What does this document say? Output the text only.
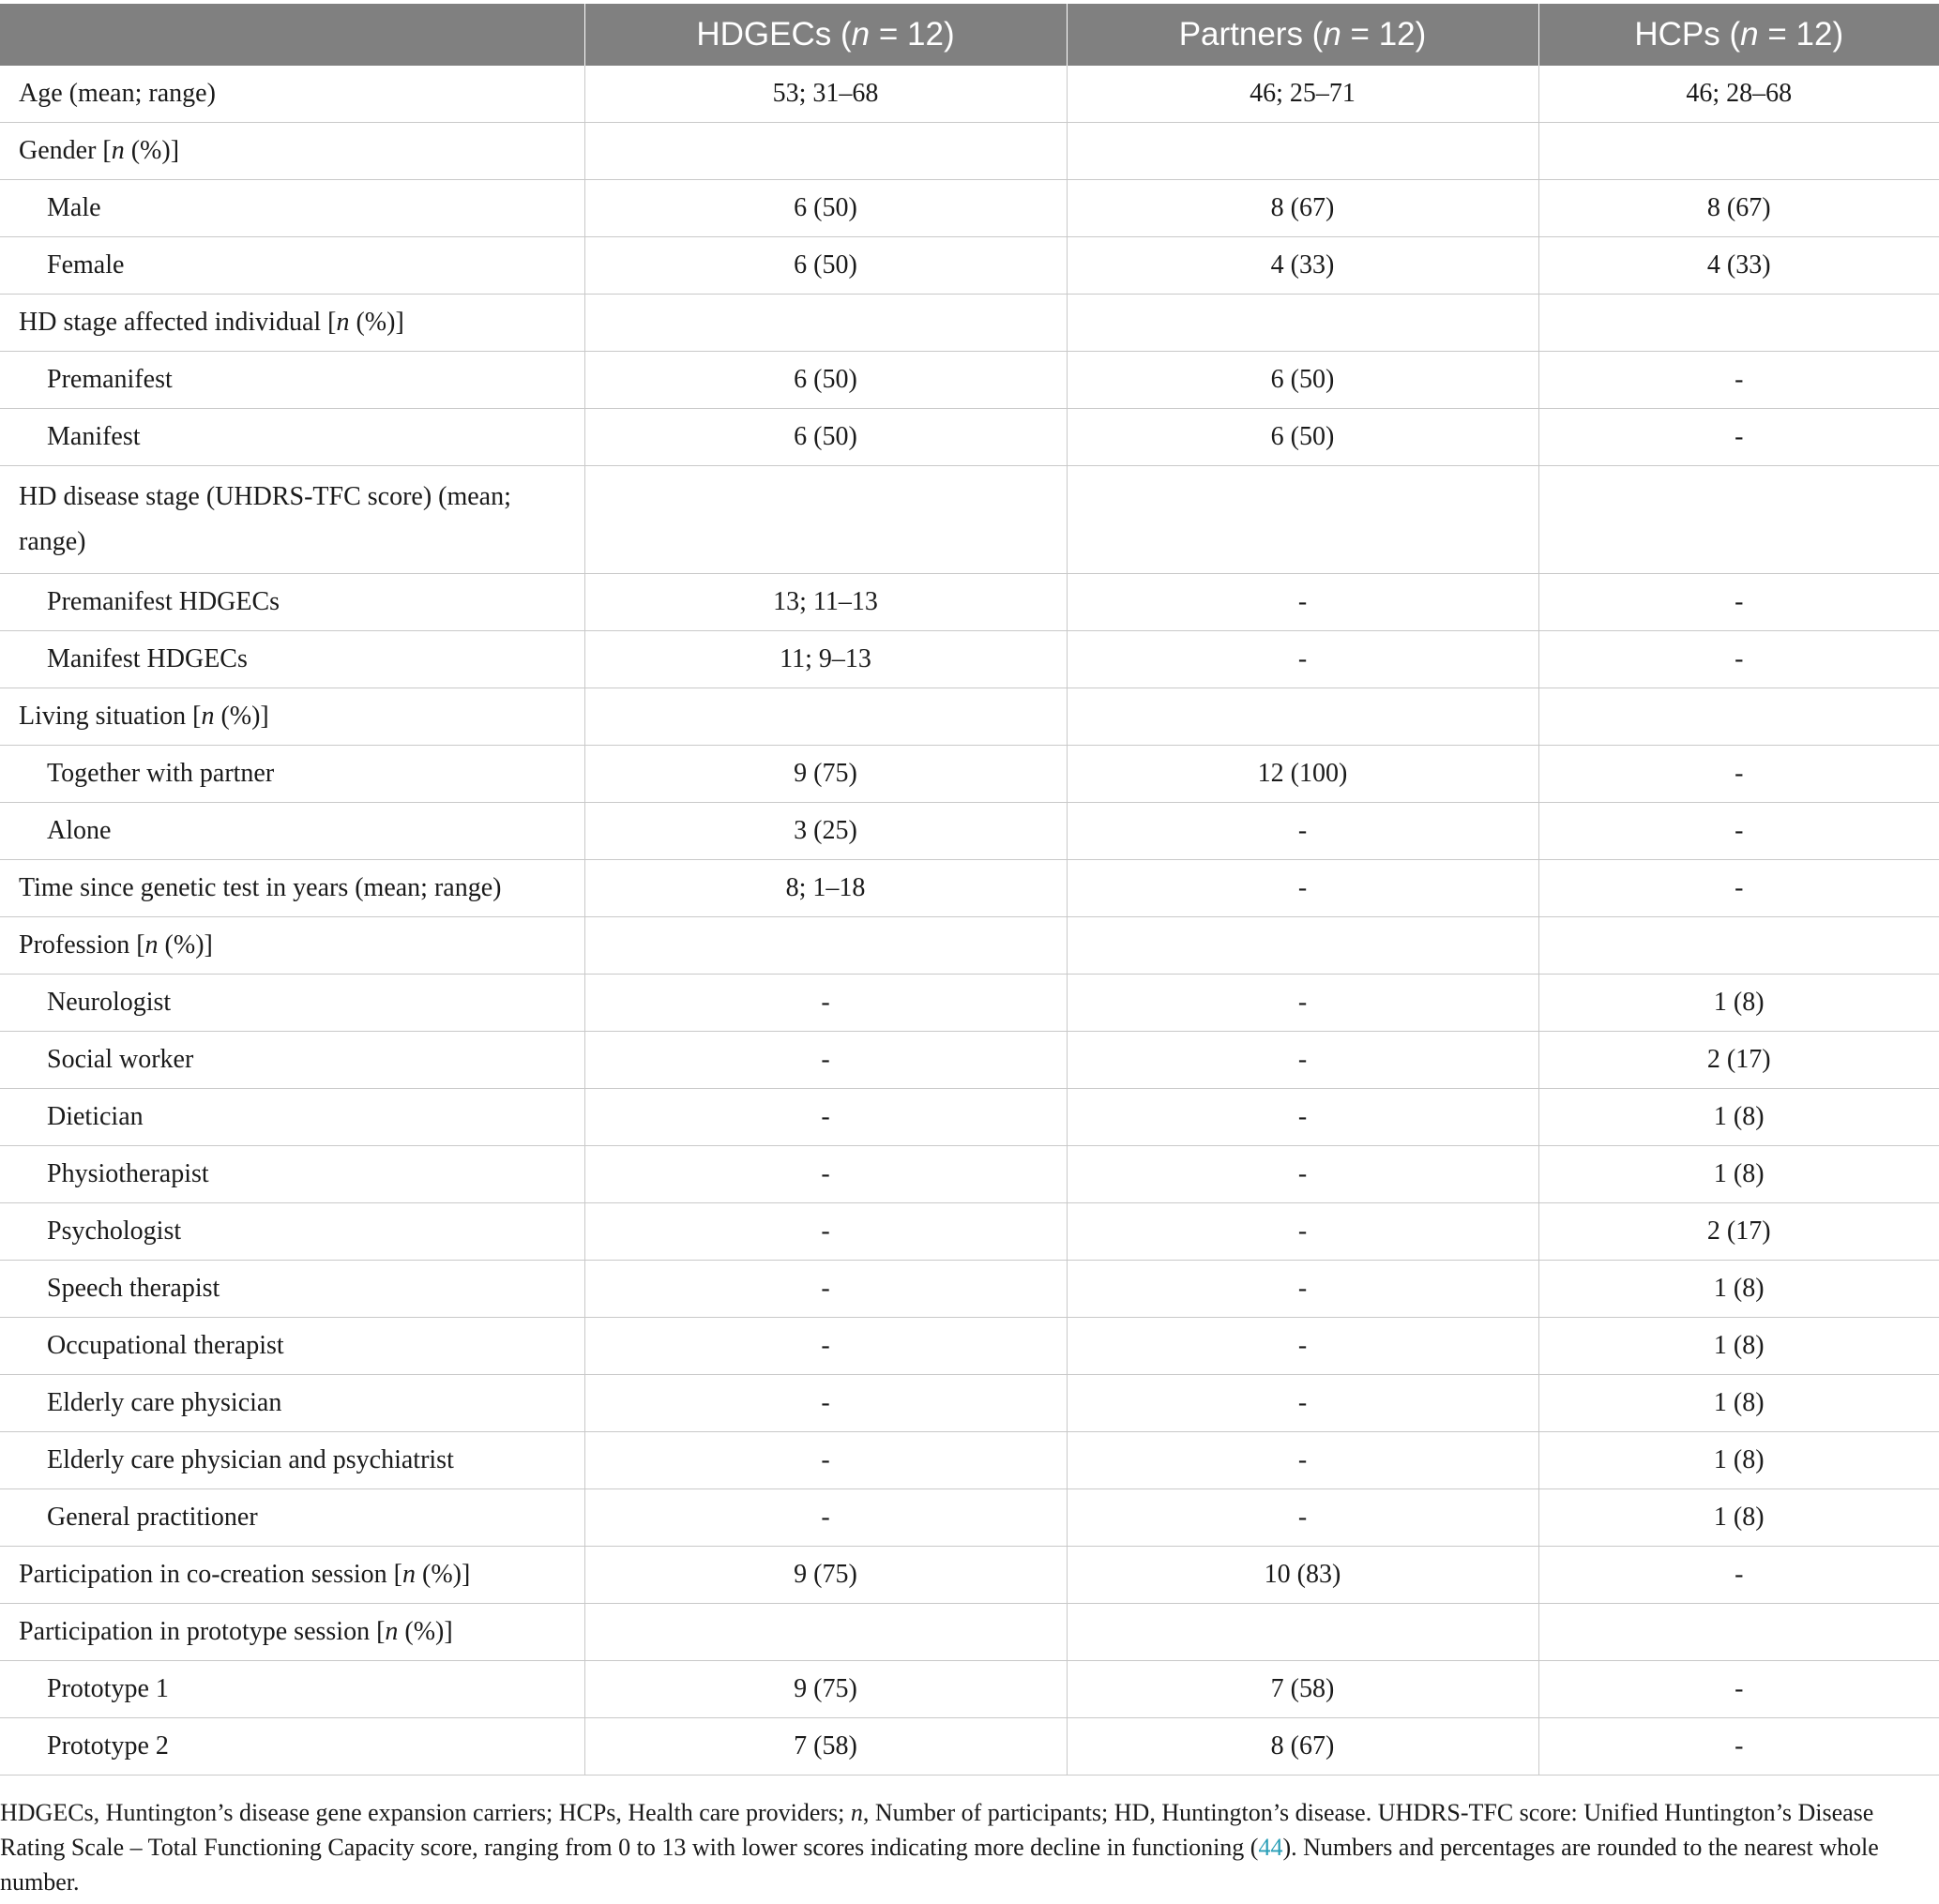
	HDGECs (n = 12)	Partners (n = 12)	HCPs (n = 12)
Age (mean; range)	53; 31–68	46; 25–71	46; 28–68
Gender [n (%)]			
Male	6 (50)	8 (67)	8 (67)
Female	6 (50)	4 (33)	4 (33)
HD stage affected individual [n (%)]			
Premanifest	6 (50)	6 (50)	-
Manifest	6 (50)	6 (50)	-
HD disease stage (UHDRS-TFC score) (mean; range)			
Premanifest HDGECs	13; 11–13	-	-
Manifest HDGECs	11; 9–13	-	-
Living situation [n (%)]			
Together with partner	9 (75)	12 (100)	-
Alone	3 (25)	-	-
Time since genetic test in years (mean; range)	8; 1–18	-	-
Profession [n (%)]			
Neurologist	-	-	1 (8)
Social worker	-	-	2 (17)
Dietician	-	-	1 (8)
Physiotherapist	-	-	1 (8)
Psychologist	-	-	2 (17)
Speech therapist	-	-	1 (8)
Occupational therapist	-	-	1 (8)
Elderly care physician	-	-	1 (8)
Elderly care physician and psychiatrist	-	-	1 (8)
General practitioner	-	-	1 (8)
Participation in co-creation session [n (%)]	9 (75)	10 (83)	-
Participation in prototype session [n (%)]			
Prototype 1	9 (75)	7 (58)	-
Prototype 2	7 (58)	8 (67)	-
HDGECs, Huntington’s disease gene expansion carriers; HCPs, Health care providers; n, Number of participants; HD, Huntington’s disease. UHDRS-TFC score: Unified Huntington’s Disease Rating Scale – Total Functioning Capacity score, ranging from 0 to 13 with lower scores indicating more decline in functioning (44). Numbers and percentages are rounded to the nearest whole number.
